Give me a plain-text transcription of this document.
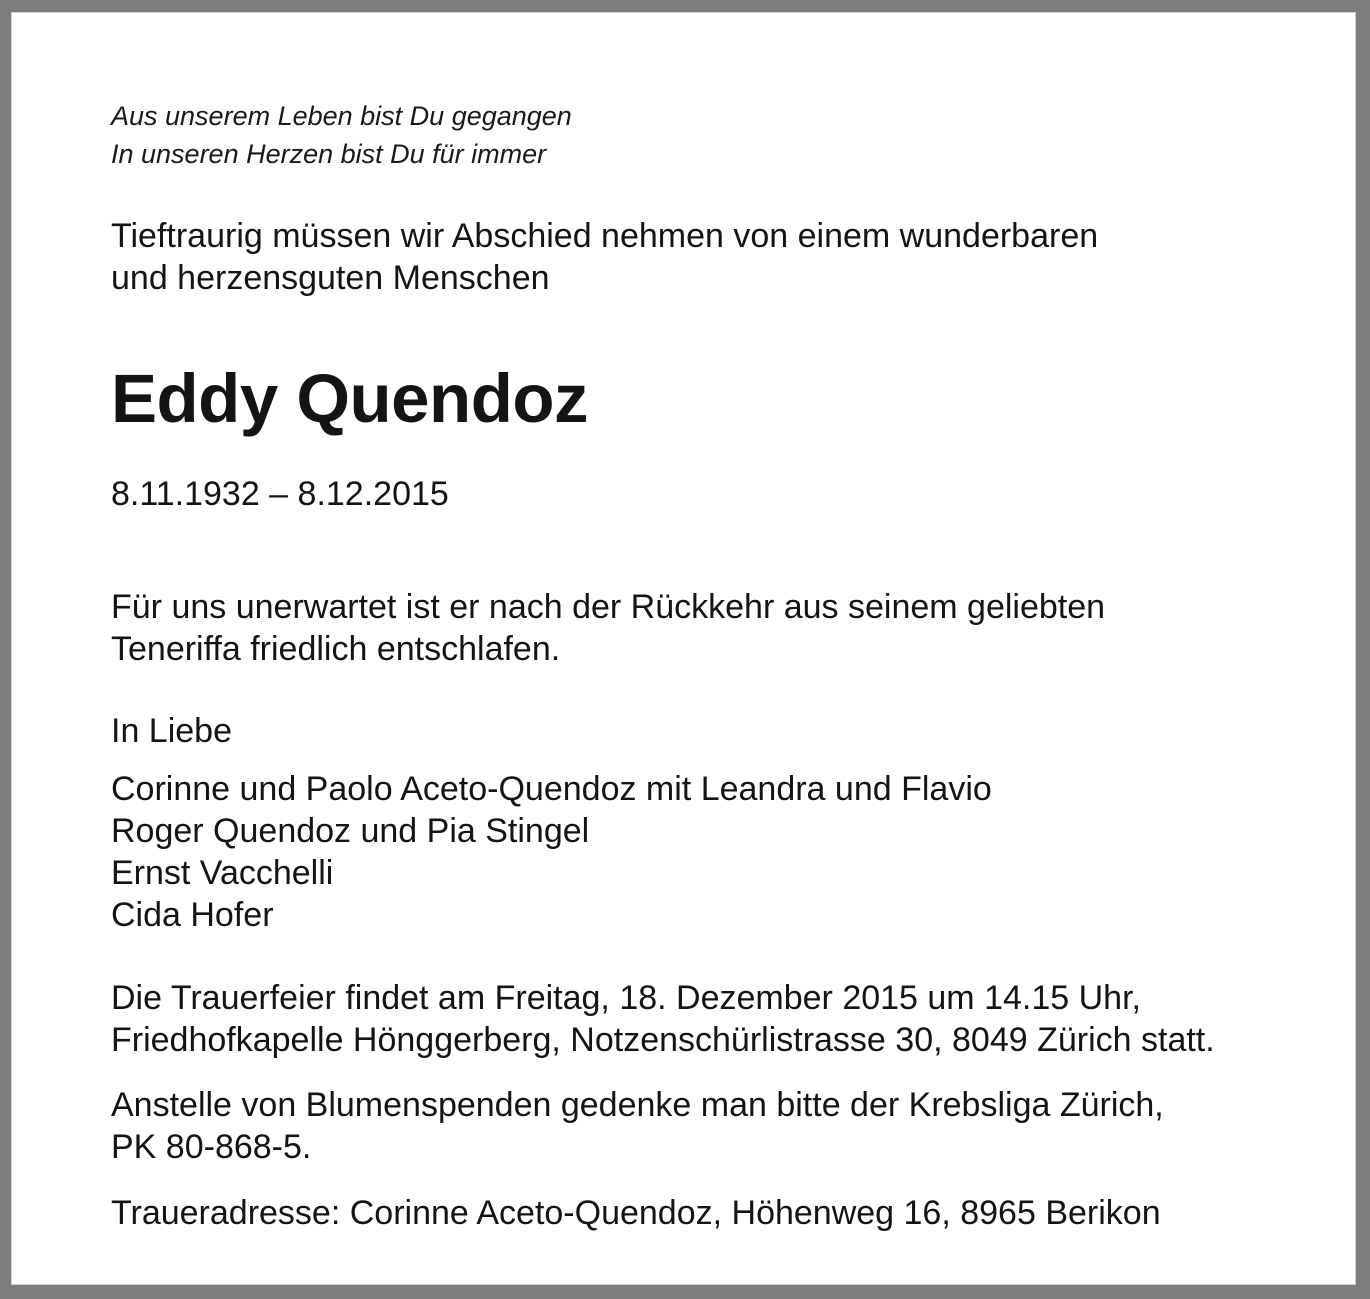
Aus unserem Leben bist Du gegangen
In unseren Herzen bist Du für immer

Tieftraurig müssen wir Abschied nehmen von einem wunderbaren
und herzensguten Menschen

Eddy Quendoz

8.11.1932 – 8.12.2015

Für uns unerwartet ist er nach der Rückkehr aus seinem geliebten
Teneriffa friedlich entschlafen.

In Liebe

Corinne und Paolo Aceto-Quendoz mit Leandra und Flavio
Roger Quendoz und Pia Stingel
Ernst Vacchelli
Cida Hofer

Die Trauerfeier findet am Freitag, 18. Dezember 2015 um 14.15 Uhr,
Friedhofkapelle Hönggerberg, Notzenschürlistrasse 30, 8049 Zürich statt.

Anstelle von Blumenspenden gedenke man bitte der Krebsliga Zürich,
PK 80-868-5.

Traueradresse: Corinne Aceto-Quendoz, Höhenweg 16, 8965 Berikon
